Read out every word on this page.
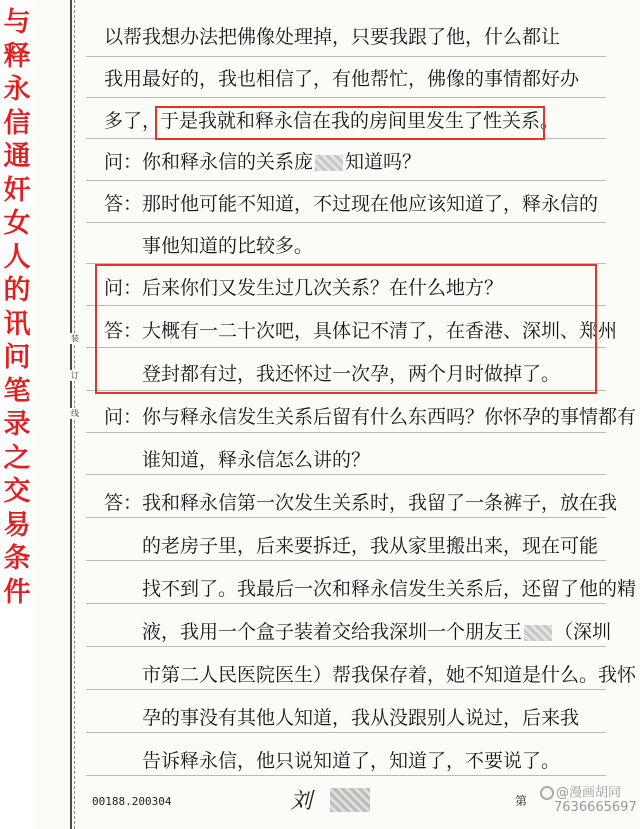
装
订
线
与释永信通奸女人的讯问笔录之交易条件
以帮我想办法把佛像处理掉，只要我跟了他，什么都让
我用最好的，我也相信了，有他帮忙，佛像的事情都好办
多了，
于是我就和释永信在我的房间里发生了性关系。
问：你和释永信的关系庞 知道吗？
答：那时他可能不知道，不过现在他应该知道了，释永信的
事他知道的比较多。
问：后来你们又发生过几次关系？在什么地方？
答：大概有一二十次吧，具体记不清了，在香港、深圳、郑州
登封都有过，我还怀过一次孕，两个月时做掉了。
问：你与释永信发生关系后留有什么东西吗？你怀孕的事情都有
谁知道，释永信怎么讲的？
答：我和释永信第一次发生关系时，我留了一条裤子，放在我
的老房子里，后来要拆迁，我从家里搬出来，现在可能
找不到了。我最后一次和释永信发生关系后，还留了他的精
液，我用一个盒子装着交给我深圳一个朋友王 （深圳
市第二人民医院医生）帮我保存着，她不知道是什么。我怀
孕的事没有其他人知道，我从没跟别人说过，后来我
告诉释永信，他只说知道了，知道了，不要说了。
00188.200304	刘	第
@漫画胡同
7636665697
